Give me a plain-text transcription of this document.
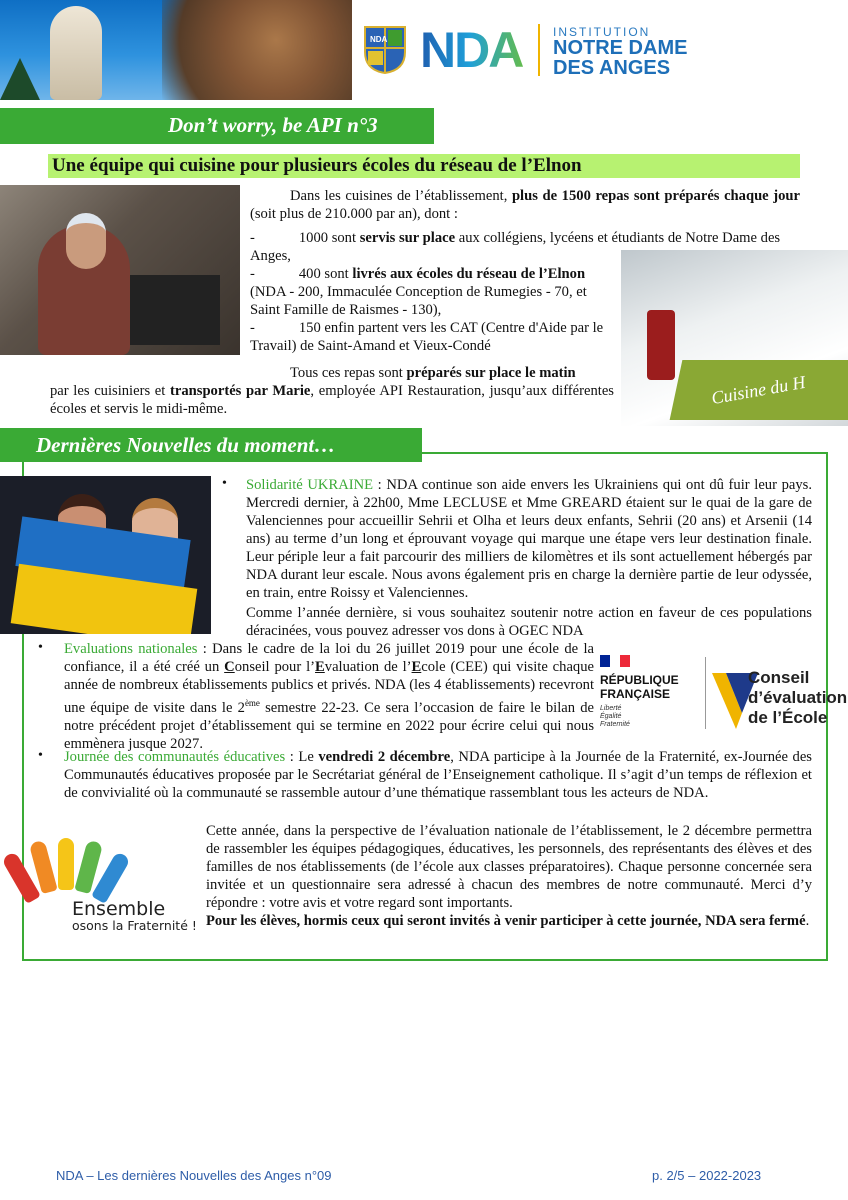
NDA NDA	INSTITUTION
NOTRE DAME
DES ANGES
Don’t worry, be API n°3
Une équipe qui cuisine pour plusieurs écoles du réseau de l’Elnon
Dans les cuisines de l’établissement, plus de 1500 repas sont préparés chaque jour (soit plus de 210.000 par an), dont :
-	1000 sont servis sur place aux collégiens, lycéens et étudiants de Notre Dame des Anges,
-	400 sont livrés aux écoles du réseau de l’Elnon (NDA - 200, Immaculée Conception de Rumegies - 70, et Saint Famille de Raismes - 130),
-	150 enfin partent vers les CAT (Centre d'Aide par le Travail) de Saint-Amand et Vieux-Condé
Cuisine du H
Tous ces repas sont préparés sur place le matin
par les cuisiniers et transportés par Marie, employée API Restauration, jusqu’aux différentes écoles et servis le midi-même.
Dernières Nouvelles du moment…
• Solidarité UKRAINE : NDA continue son aide envers les Ukrainiens qui ont dû fuir leur pays. Mercredi dernier, à 22h00, Mme LECLUSE et Mme GREARD étaient sur le quai de la gare de Valenciennes pour accueillir Sehrii et Olha et leurs deux enfants, Sehrii (20 ans) et Arsenii (14 ans) au terme d’un long et éprouvant voyage qui marque une étape vers leur destination finale. Leur périple leur a fait parcourir des milliers de kilomètres et ils sont actuellement hébergés par NDA durant leur escale. Nous avons également pris en charge la dernière partie de leur odyssée, en train, entre Roissy et Valenciennes.
Comme l’année dernière, si vous souhaitez soutenir notre action en faveur de ces populations déracinées, vous pouvez adresser vos dons à OGEC NDA
• Evaluations nationales : Dans le cadre de la loi du 26 juillet 2019 pour une école de la confiance, il a été créé un Conseil pour l’Evaluation de l’Ecole (CEE) qui visite chaque année de nombreux établissements publics et privés. NDA (les 4 établissements) recevront une équipe de visite dans le 2ème semestre 22-23. Ce sera l’occasion de faire le bilan de notre précédent projet d’établissement qui se termine en 2022 pour écrire celui qui nous emmènera jusque 2027.
RÉPUBLIQUE
FRANÇAISE
Liberté
Égalité
Fraternité
Conseil
d’évaluation
de l’École
• Journée des communautés éducatives : Le vendredi 2 décembre, NDA participe à la Journée de la Fraternité, ex-Journée des Communautés éducatives proposée par le Secrétariat général de l’Enseignement catholique. Il s’agit d’un temps de réflexion et de convivialité où la communauté se rassemble autour d’une thématique rassemblant tous les acteurs de NDA.
Ensemble
osons la Fraternité !
Cette année, dans la perspective de l’évaluation nationale de l’établissement, le 2 décembre permettra de rassembler les équipes pédagogiques, éducatives, les personnels, des représentants des élèves et des familles de nos établissements (de l’école aux classes préparatoires). Chaque personne concernée sera invitée et un questionnaire sera adressé à chacun des membres de notre communauté. Merci d’y répondre : votre avis et votre regard sont importants.
Pour les élèves, hormis ceux qui seront invités à venir participer à cette journée, NDA sera fermé.
NDA – Les dernières Nouvelles des Anges n°09	p. 2/5 – 2022-2023
